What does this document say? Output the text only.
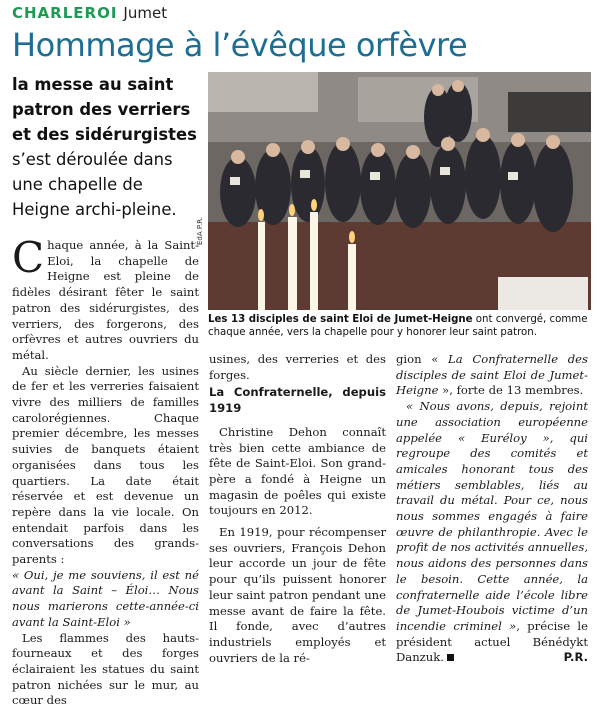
CHARLEROI Jumet
Hommage à l’évêque orfèvre
la messe au saint patron des verriers et des sidérurgistes s’est déroulée dans une chapelle de Heigne archi-pleine.
ÉdA P.R.
Les 13 disciples de saint Eloi de Jumet-Heigne ont convergé, comme chaque année, vers la chapelle pour y honorer leur saint patron.

Chaque année, à la Saint-Eloi, la chapelle de Heigne est pleine de fidèles désirant fêter le saint patron des sidérurgistes, des verriers, des forgerons, des orfèvres et autres ouvriers du métal.

Au siècle dernier, les usines de fer et les verreries faisaient vivre des milliers de familles carolorégiennes. Chaque premier décembre, les messes suivies de banquets étaient organisées dans tous les quartiers. La date était réservée et est devenue un repère dans la vie locale. On entendait parfois dans les conversations des grands-parents :

« Oui, je me souviens, il est né avant la Saint – Éloi… Nous nous marierons cette-année-ci avant la Saint-Eloi »

Les flammes des hauts-fourneaux et des forges éclairaient les statues du saint patron nichées sur le mur, au cœur des

usines, des verreries et des forges.

La Confraternelle, depuis 1919

Christine Dehon connaît très bien cette ambiance de fête de Saint-Eloi. Son grand-père a fondé à Heigne un magasin de poêles qui existe toujours en 2012.

En 1919, pour récompenser ses ouvriers, François Dehon leur accorde un jour de fête pour qu’ils puissent honorer leur saint patron pendant une messe avant de faire la fête. Il fonde, avec d’autres industriels employés et ouvriers de la ré-

gion « La Confraternelle des disciples de saint Eloi de Jumet-Heigne », forte de 13 membres.

« Nous avons, depuis, rejoint une association européenne appelée « Euréloy », qui regroupe des comités et amicales honorant tous des métiers semblables, liés au travail du métal. Pour ce, nous nous sommes engagés à faire œuvre de philanthropie. Avec le profit de nos activités annuelles, nous aidons des personnes dans le besoin. Cette année, la confraternelle aide l’école libre de Jumet-Houbois victime d’un incendie criminel », précise le président actuel Bénédykt Danzuk.	P.R.
